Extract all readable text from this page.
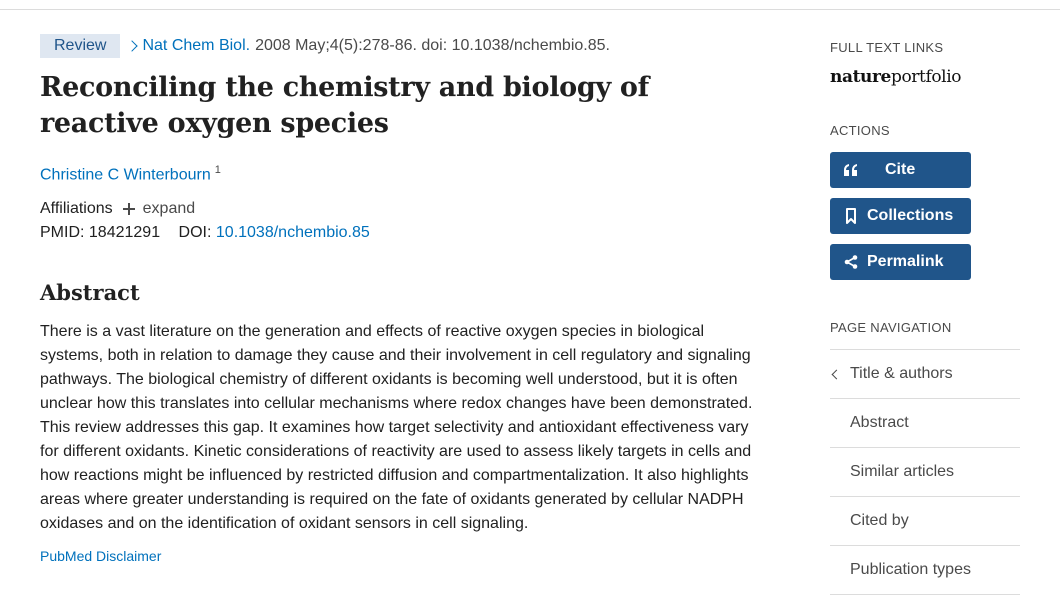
Review	Nat Chem Biol. 2008 May;4(5):278-86. doi: 10.1038/nchembio.85.
Reconciling the chemistry and biology of reactive oxygen species
Christine C Winterbourn $^1$
Affiliations expand
PMID: 18421291 DOI: 10.1038/nchembio.85
Abstract

There is a vast literature on the generation and effects of reactive oxygen species in biological systems, both in relation to damage they cause and their involvement in cell regulatory and signaling pathways. The biological chemistry of different oxidants is becoming well understood, but it is often unclear how this translates into cellular mechanisms where redox changes have been demonstrated. This review addresses this gap. It examines how target selectivity and antioxidant effectiveness vary for different oxidants. Kinetic considerations of reactivity are used to assess likely targets in cells and how reactions might be influenced by restricted diffusion and compartmentalization. It also highlights areas where greater understanding is required on the fate of oxidants generated by cellular NADPH oxidases and on the identification of oxidant sensors in cell signaling.

PubMed Disclaimer
FULL TEXT LINKS
natureportfolio
ACTIONS
Cite
Collections
Permalink
PAGE NAVIGATION
Title & authors
Abstract
Similar articles
Cited by
Publication types
